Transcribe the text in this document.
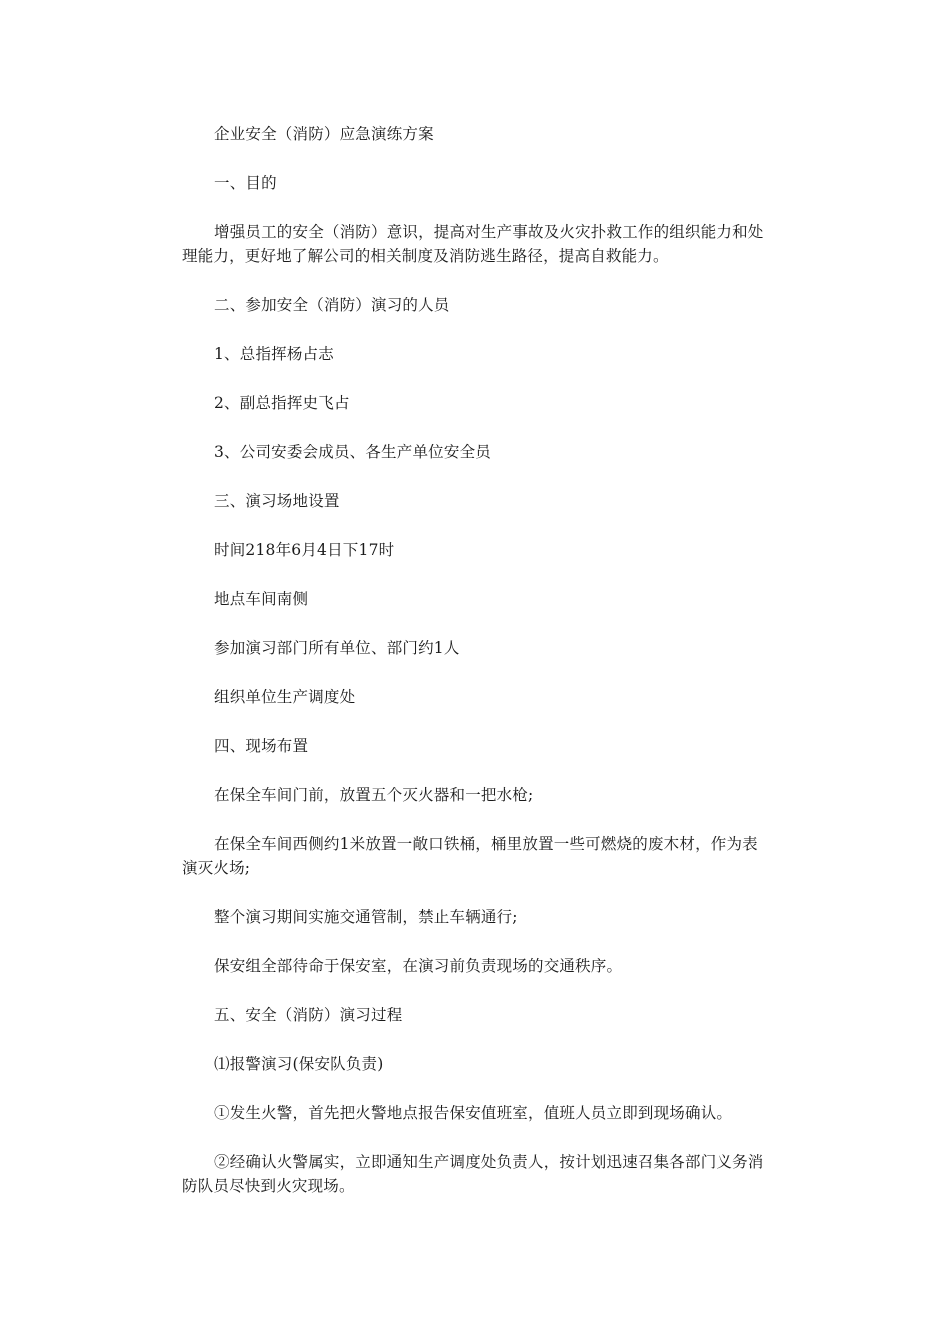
企业安全（消防）应急演练方案

一、目的

增强员工的安全（消防）意识，提高对生产事故及火灾扑救工作的组织能力和处理能力，更好地了解公司的相关制度及消防逃生路径，提高自救能力。

二、参加安全（消防）演习的人员

1、总指挥杨占志

2、副总指挥史飞占

3、公司安委会成员、各生产单位安全员

三、演习场地设置

时间218年6月4日下17时

地点车间南侧

参加演习部门所有单位、部门约1人

组织单位生产调度处

四、现场布置

在保全车间门前，放置五个灭火器和一把水枪;

在保全车间西侧约1米放置一敞口铁桶，桶里放置一些可燃烧的废木材，作为表演灭火场;

整个演习期间实施交通管制，禁止车辆通行;

保安组全部待命于保安室，在演习前负责现场的交通秩序。

五、安全（消防）演习过程

⑴报警演习(保安队负责)

①发生火警，首先把火警地点报告保安值班室，值班人员立即到现场确认。

②经确认火警属实，立即通知生产调度处负责人，按计划迅速召集各部门义务消防队员尽快到火灾现场。
